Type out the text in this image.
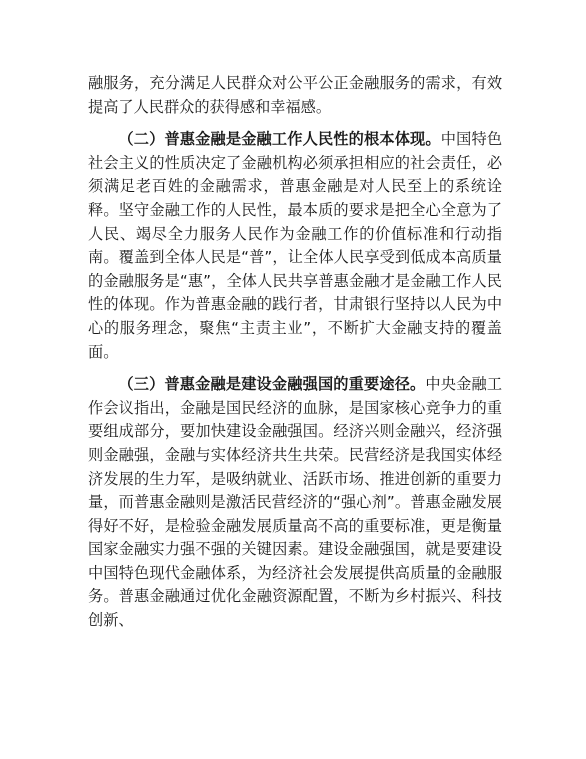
融服务，充分满足人民群众对公平公正金融服务的需求，有效提高了人民群众的获得感和幸福感。

（二）普惠金融是金融工作人民性的根本体现。中国特色社会主义的性质决定了金融机构必须承担相应的社会责任，必须满足老百姓的金融需求，普惠金融是对人民至上的系统诠释。坚守金融工作的人民性，最本质的要求是把全心全意为了人民、竭尽全力服务人民作为金融工作的价值标准和行动指南。覆盖到全体人民是“普”，让全体人民享受到低成本高质量的金融服务是“惠”，全体人民共享普惠金融才是金融工作人民性的体现。作为普惠金融的践行者，甘肃银行坚持以人民为中心的服务理念，聚焦“主责主业”，不断扩大金融支持的覆盖面。

（三）普惠金融是建设金融强国的重要途径。中央金融工作会议指出，金融是国民经济的血脉，是国家核心竞争力的重要组成部分，要加快建设金融强国。经济兴则金融兴，经济强则金融强，金融与实体经济共生共荣。民营经济是我国实体经济发展的生力军，是吸纳就业、活跃市场、推进创新的重要力量，而普惠金融则是激活民营经济的“强心剂”。普惠金融发展得好不好，是检验金融发展质量高不高的重要标准，更是衡量国家金融实力强不强的关键因素。建设金融强国，就是要建设中国特色现代金融体系，为经济社会发展提供高质量的金融服务。普惠金融通过优化金融资源配置，不断为乡村振兴、科技创新、
